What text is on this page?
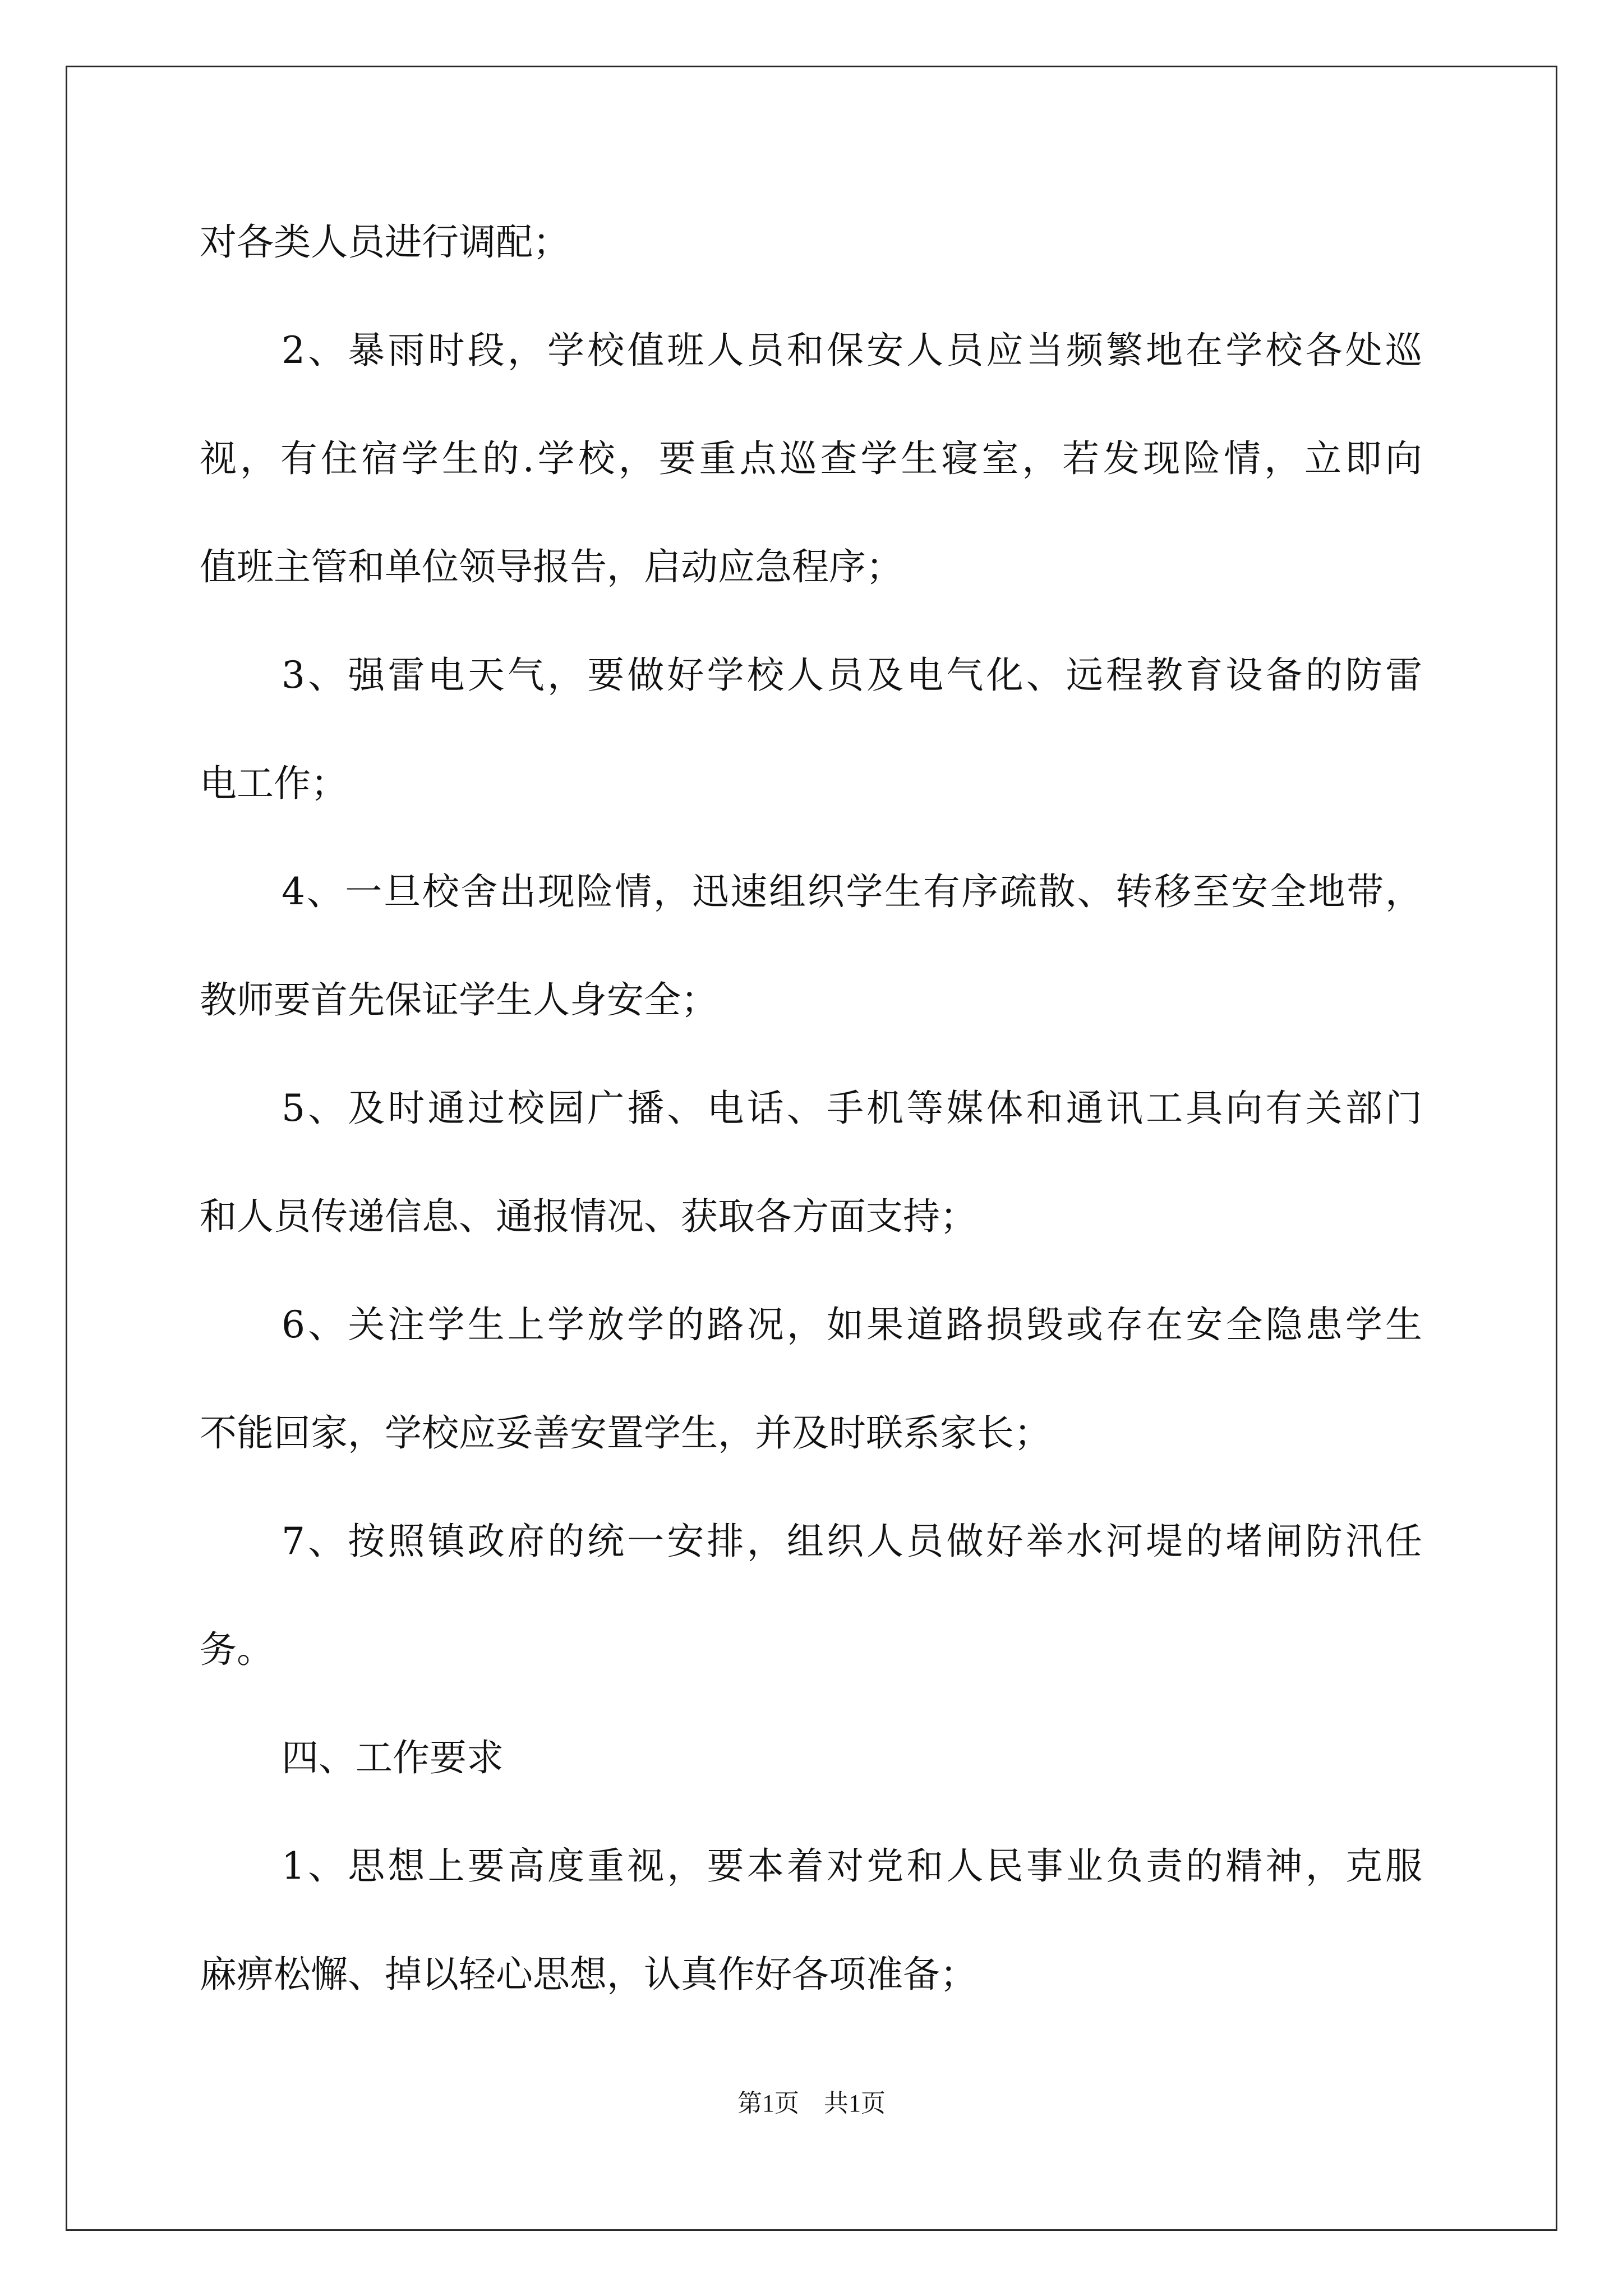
对各类人员进行调配；
2、暴雨时段，学校值班人员和保安人员应当频繁地在学校各处巡
视，有住宿学生的.学校，要重点巡查学生寝室，若发现险情，立即向
值班主管和单位领导报告，启动应急程序；
3、强雷电天气，要做好学校人员及电气化、远程教育设备的防雷
电工作；
4、一旦校舍出现险情，迅速组织学生有序疏散、转移至安全地带，
教师要首先保证学生人身安全；
5、及时通过校园广播、电话、手机等媒体和通讯工具向有关部门
和人员传递信息、通报情况、获取各方面支持；
6、关注学生上学放学的路况，如果道路损毁或存在安全隐患学生
不能回家，学校应妥善安置学生，并及时联系家长；
7、按照镇政府的统一安排，组织人员做好举水河堤的堵闸防汛任
务。
四、工作要求
1、思想上要高度重视，要本着对党和人民事业负责的精神，克服
麻痹松懈、掉以轻心思想，认真作好各项准备；
第1页　共1页
